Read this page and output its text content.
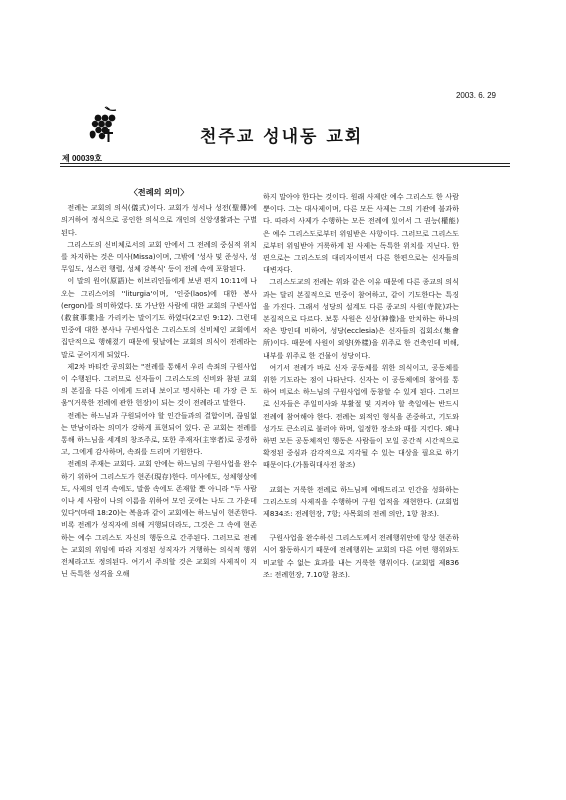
2003. 6. 29
천주교 성내동 교회
제 00039호
〈전례의 의미〉

전례는 교회의 의식(儀式)이다. 교회가 성서나 성전(聖傳)에 의거하여 정식으로 공인한 의식으로 개인의 신앙생활과는 구별된다.

그리스도의 신비체로서의 교회 안에서 그 전례의 중심적 위치를 차지하는 것은 미사(Missa)이며, 그밖에 '성사 및 준성사, 성무일도, 성스런 행렬, 성체 강복식' 등이 전례 속에 포함된다.

이 말의 원어(原語)는 히브리인들에게 보낸 편지 10:11에 나오는 그리스어의 ''liturgia'이며, '인중(laos)에 대한 봉사(ergon)를 의미하였다. 또 가난한 사람에 대한 교회의 구빈사업(救貧事業)을 가리키는 말이기도 하였다(2고린 9:12). 그런데 민중에 대한 봉사나 구빈사업은 그리스도의 신비체인 교회에서 집단적으로 행해졌기 때문에 뒷날에는 교회의 의식이 전례라는 말로 굳어지게 되었다.

제2차 바티칸 공의회는 "전례를 통해서 우리 속죄의 구원사업이 수행된다. 그러므로 신자들이 그리스도의 신비와 참된 교회의 본질을 다른 이에게 드러내 보이고 명시하는 데 가장 큰 도움"(거룩한 전례에 관한 헌장)이 되는 것이 전례라고 말한다.

전례는 하느님과 구원되어야 할 인간들과의 결합이며, 끊임없는 만남이라는 의미가 강하게 표현되어 있다. 곧 교회는 전례를 통해 하느님을 세계의 창조주로, 또한 주재자(主宰者)로 공경하고, 그에게 감사하며, 속죄를 드리며 기원한다.

전례의 주재는 교회다. 교회 안에는 하느님의 구원사업을 완수하기 위하여 그리스도가 현존(現存)한다. 미사에도, 성체형상에도, 사제의 인격 속에도, 말씀 속에도 존재할 뿐 아니라 "두 사람이나 세 사람이 나의 이름을 위하여 모인 곳에는 나도 그 가운데 있다"(마태 18:20)는 복음과 같이 교회에는 하느님이 현존한다. 비록 전례가 성직자에 의해 거행되더라도, 그것은 그 속에 현존하는 예수 그리스도 자신의 행동으로 간주된다. 그러므로 전례는 교회의 위임에 따라 지정된 성직자가 거행하는 의식적 행위 전체라고도 정의된다. 여기서 주의할 것은 교회의 사제직이 지닌 독특한 성격을 오해

하지 말아야 한다는 것이다. 원래 사제란 예수 그리스도 한 사람뿐이다. 그는 대사제이며, 다른 모든 사제는 그의 기관에 불과하다. 따라서 사제가 수행하는 모든 전례에 있어서 그 권능(權能)은 예수 그리스도로부터 위임받은 사항이다. 그러므로 그리스도로부터 위임받아 거룩하게 된 사제는 독특한 위치를 지닌다. 한편으로는 그리스도의 대리자이면서 다른 한편으로는 신자들의 대변자다.

그리스도교의 전례는 위와 같은 이유 때문에 다른 종교의 의식과는 달리 본질적으로 민중이 참여하고, 같이 기도한다는 특징을 가진다. 그래서 성당의 설계도 다른 종교의 사원(寺院)과는 본질적으로 다르다. 보통 사원은 신상(神像)을 안치하는 하나의 작은 방인데 비하여, 성당(ecclesia)은 신자들의 집회소(集會所)이다. 때문에 사원이 외양(外樣)을 위주로 한 건축인데 비해, 내부를 위주로 한 건물이 성당이다.

여기서 전례가 바로 신자 공동체를 위한 의식이고, 공동체를 위한 기도라는 점이 나타난다. 신자는 이 공동체에의 참여를 통하여 비로소 하느님의 구원사업에 동참할 수 있게 된다. 그러므로 신자들은 주일미사와 부활절 및 지켜야 할 축일에는 반드시 전례에 참여해야 한다. 전례는 외적인 형식을 존중하고, 기도와 성가도 큰소리로 불러야 하며, 일정한 장소와 때를 지킨다. 왜냐하면 모든 공동체적인 행동은 사람들이 모일 공간적 시간적으로 확정된 중심과 감각적으로 지각될 수 있는 대상을 필요로 하기 때문이다.(가톨릭대사전 참조)

교회는 거룩한 전례로 하느님께 예배드리고 인간을 성화하는 그리스도의 사제직을 수행하며 구원 업적을 재현한다. (교회법 제834조: 전례헌장, 7항; 사목회의 전례 의안, 1항 참조).

구원사업을 완수하신 그리스도께서 전례행위안에 항상 현존하시어 활동하시기 때문에 전례행위는 교회의 다른 어떤 행위와도 비교할 수 없는 효과를 내는 거룩한 행위이다. (교회법 제836조: 전례헌장, 7.10항 참조).
